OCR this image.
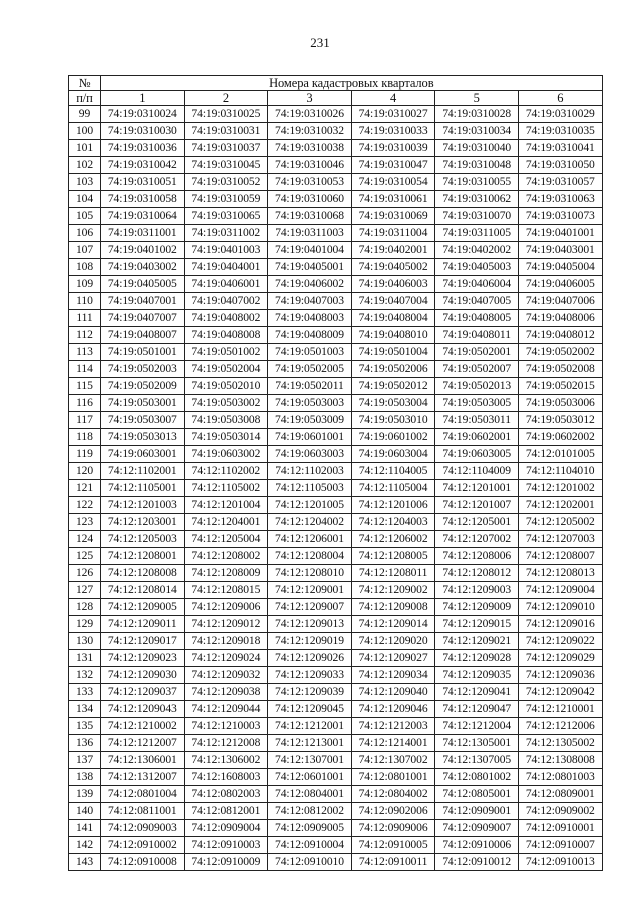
231
№	Номера кадастровых кварталов					
п/п	1	2	3	4	5	6
99	74:19:0310024	74:19:0310025	74:19:0310026	74:19:0310027	74:19:0310028	74:19:0310029
100	74:19:0310030	74:19:0310031	74:19:0310032	74:19:0310033	74:19:0310034	74:19:0310035
101	74:19:0310036	74:19:0310037	74:19:0310038	74:19:0310039	74:19:0310040	74:19:0310041
102	74:19:0310042	74:19:0310045	74:19:0310046	74:19:0310047	74:19:0310048	74:19:0310050
103	74:19:0310051	74:19:0310052	74:19:0310053	74:19:0310054	74:19:0310055	74:19:0310057
104	74:19:0310058	74:19:0310059	74:19:0310060	74:19:0310061	74:19:0310062	74:19:0310063
105	74:19:0310064	74:19:0310065	74:19:0310068	74:19:0310069	74:19:0310070	74:19:0310073
106	74:19:0311001	74:19:0311002	74:19:0311003	74:19:0311004	74:19:0311005	74:19:0401001
107	74:19:0401002	74:19:0401003	74:19:0401004	74:19:0402001	74:19:0402002	74:19:0403001
108	74:19:0403002	74:19:0404001	74:19:0405001	74:19:0405002	74:19:0405003	74:19:0405004
109	74:19:0405005	74:19:0406001	74:19:0406002	74:19:0406003	74:19:0406004	74:19:0406005
110	74:19:0407001	74:19:0407002	74:19:0407003	74:19:0407004	74:19:0407005	74:19:0407006
111	74:19:0407007	74:19:0408002	74:19:0408003	74:19:0408004	74:19:0408005	74:19:0408006
112	74:19:0408007	74:19:0408008	74:19:0408009	74:19:0408010	74:19:0408011	74:19:0408012
113	74:19:0501001	74:19:0501002	74:19:0501003	74:19:0501004	74:19:0502001	74:19:0502002
114	74:19:0502003	74:19:0502004	74:19:0502005	74:19:0502006	74:19:0502007	74:19:0502008
115	74:19:0502009	74:19:0502010	74:19:0502011	74:19:0502012	74:19:0502013	74:19:0502015
116	74:19:0503001	74:19:0503002	74:19:0503003	74:19:0503004	74:19:0503005	74:19:0503006
117	74:19:0503007	74:19:0503008	74:19:0503009	74:19:0503010	74:19:0503011	74:19:0503012
118	74:19:0503013	74:19:0503014	74:19:0601001	74:19:0601002	74:19:0602001	74:19:0602002
119	74:19:0603001	74:19:0603002	74:19:0603003	74:19:0603004	74:19:0603005	74:12:0101005
120	74:12:1102001	74:12:1102002	74:12:1102003	74:12:1104005	74:12:1104009	74:12:1104010
121	74:12:1105001	74:12:1105002	74:12:1105003	74:12:1105004	74:12:1201001	74:12:1201002
122	74:12:1201003	74:12:1201004	74:12:1201005	74:12:1201006	74:12:1201007	74:12:1202001
123	74:12:1203001	74:12:1204001	74:12:1204002	74:12:1204003	74:12:1205001	74:12:1205002
124	74:12:1205003	74:12:1205004	74:12:1206001	74:12:1206002	74:12:1207002	74:12:1207003
125	74:12:1208001	74:12:1208002	74:12:1208004	74:12:1208005	74:12:1208006	74:12:1208007
126	74:12:1208008	74:12:1208009	74:12:1208010	74:12:1208011	74:12:1208012	74:12:1208013
127	74:12:1208014	74:12:1208015	74:12:1209001	74:12:1209002	74:12:1209003	74:12:1209004
128	74:12:1209005	74:12:1209006	74:12:1209007	74:12:1209008	74:12:1209009	74:12:1209010
129	74:12:1209011	74:12:1209012	74:12:1209013	74:12:1209014	74:12:1209015	74:12:1209016
130	74:12:1209017	74:12:1209018	74:12:1209019	74:12:1209020	74:12:1209021	74:12:1209022
131	74:12:1209023	74:12:1209024	74:12:1209026	74:12:1209027	74:12:1209028	74:12:1209029
132	74:12:1209030	74:12:1209032	74:12:1209033	74:12:1209034	74:12:1209035	74:12:1209036
133	74:12:1209037	74:12:1209038	74:12:1209039	74:12:1209040	74:12:1209041	74:12:1209042
134	74:12:1209043	74:12:1209044	74:12:1209045	74:12:1209046	74:12:1209047	74:12:1210001
135	74:12:1210002	74:12:1210003	74:12:1212001	74:12:1212003	74:12:1212004	74:12:1212006
136	74:12:1212007	74:12:1212008	74:12:1213001	74:12:1214001	74:12:1305001	74:12:1305002
137	74:12:1306001	74:12:1306002	74:12:1307001	74:12:1307002	74:12:1307005	74:12:1308008
138	74:12:1312007	74:12:1608003	74:12:0601001	74:12:0801001	74:12:0801002	74:12:0801003
139	74:12:0801004	74:12:0802003	74:12:0804001	74:12:0804002	74:12:0805001	74:12:0809001
140	74:12:0811001	74:12:0812001	74:12:0812002	74:12:0902006	74:12:0909001	74:12:0909002
141	74:12:0909003	74:12:0909004	74:12:0909005	74:12:0909006	74:12:0909007	74:12:0910001
142	74:12:0910002	74:12:0910003	74:12:0910004	74:12:0910005	74:12:0910006	74:12:0910007
143	74:12:0910008	74:12:0910009	74:12:0910010	74:12:0910011	74:12:0910012	74:12:0910013
